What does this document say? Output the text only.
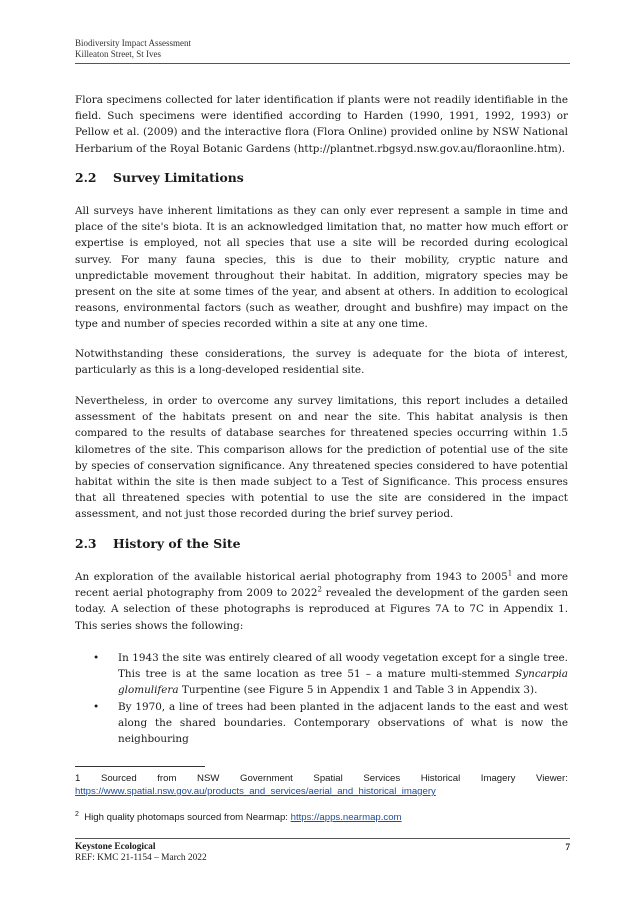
Biodiversity Impact Assessment
Killeaton Street, St Ives
Flora specimens collected for later identification if plants were not readily identifiable in the field. Such specimens were identified according to Harden (1990, 1991, 1992, 1993) or Pellow et al. (2009) and the interactive flora (Flora Online) provided online by NSW National Herbarium of the Royal Botanic Gardens (http://plantnet.rbgsyd.nsw.gov.au/floraonline.htm).
2.2 Survey Limitations
All surveys have inherent limitations as they can only ever represent a sample in time and place of the site's biota. It is an acknowledged limitation that, no matter how much effort or expertise is employed, not all species that use a site will be recorded during ecological survey. For many fauna species, this is due to their mobility, cryptic nature and unpredictable movement throughout their habitat. In addition, migratory species may be present on the site at some times of the year, and absent at others. In addition to ecological reasons, environmental factors (such as weather, drought and bushfire) may impact on the type and number of species recorded within a site at any one time.
Notwithstanding these considerations, the survey is adequate for the biota of interest, particularly as this is a long-developed residential site.
Nevertheless, in order to overcome any survey limitations, this report includes a detailed assessment of the habitats present on and near the site. This habitat analysis is then compared to the results of database searches for threatened species occurring within 1.5 kilometres of the site. This comparison allows for the prediction of potential use of the site by species of conservation significance. Any threatened species considered to have potential habitat within the site is then made subject to a Test of Significance. This process ensures that all threatened species with potential to use the site are considered in the impact assessment, and not just those recorded during the brief survey period.
2.3 History of the Site
An exploration of the available historical aerial photography from 1943 to 2005$^1$ and more recent aerial photography from 2009 to 2022$^2$ revealed the development of the garden seen today. A selection of these photographs is reproduced at Figures 7A to 7C in Appendix 1. This series shows the following:
• In 1943 the site was entirely cleared of all woody vegetation except for a single tree. This tree is at the same location as tree 51 – a mature multi-stemmed Syncarpia glomulifera Turpentine (see Figure 5 in Appendix 1 and Table 3 in Appendix 3).
• By 1970, a line of trees had been planted in the adjacent lands to the east and west along the shared boundaries. Contemporary observations of what is now the neighbouring
1 Sourced from NSW Government Spatial Services Historical Imagery Viewer:
https://www.spatial.nsw.gov.au/products_and_services/aerial_and_historical_imagery
$^2$ High quality photomaps sourced from Nearmap: https://apps.nearmap.com
Keystone Ecological
REF: KMC 21-1154 – March 2022
7
